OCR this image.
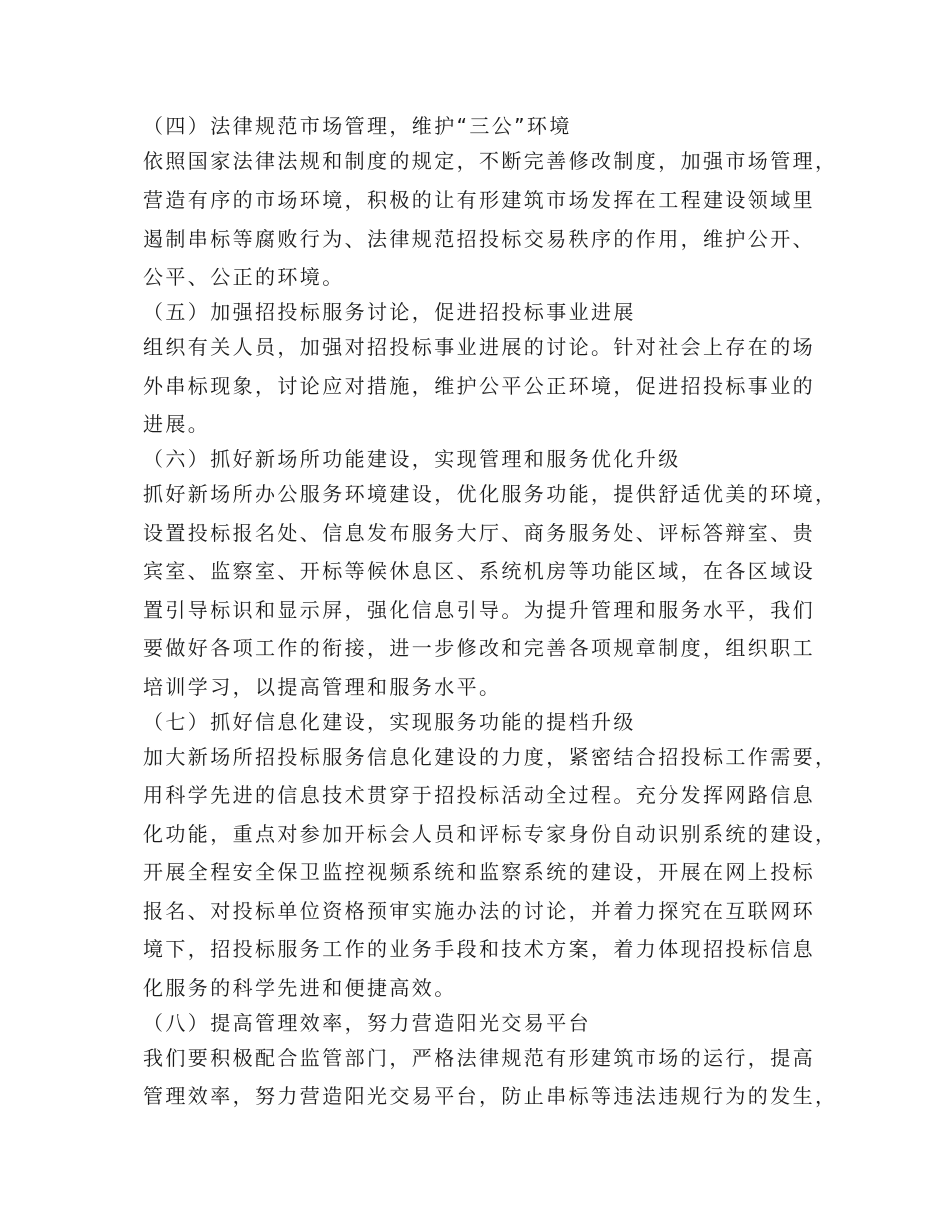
（四）法律规范市场管理，维护“三公”环境
依照国家法律法规和制度的规定，不断完善修改制度，加强市场管理，
营造有序的市场环境，积极的让有形建筑市场发挥在工程建设领域里
遏制串标等腐败行为、法律规范招投标交易秩序的作用，维护公开、
公平、公正的环境。
（五）加强招投标服务讨论，促进招投标事业进展
组织有关人员，加强对招投标事业进展的讨论。针对社会上存在的场
外串标现象，讨论应对措施，维护公平公正环境，促进招投标事业的
进展。
（六）抓好新场所功能建设，实现管理和服务优化升级
抓好新场所办公服务环境建设，优化服务功能，提供舒适优美的环境，
设置投标报名处、信息发布服务大厅、商务服务处、评标答辩室、贵
宾室、监察室、开标等候休息区、系统机房等功能区域，在各区域设
置引导标识和显示屏，强化信息引导。为提升管理和服务水平，我们
要做好各项工作的衔接，进一步修改和完善各项规章制度，组织职工
培训学习，以提高管理和服务水平。
（七）抓好信息化建设，实现服务功能的提档升级
加大新场所招投标服务信息化建设的力度，紧密结合招投标工作需要，
用科学先进的信息技术贯穿于招投标活动全过程。充分发挥网路信息
化功能，重点对参加开标会人员和评标专家身份自动识别系统的建设，
开展全程安全保卫监控视频系统和监察系统的建设，开展在网上投标
报名、对投标单位资格预审实施办法的讨论，并着力探究在互联网环
境下，招投标服务工作的业务手段和技术方案，着力体现招投标信息
化服务的科学先进和便捷高效。
（八）提高管理效率，努力营造阳光交易平台
我们要积极配合监管部门，严格法律规范有形建筑市场的运行，提高
管理效率，努力营造阳光交易平台，防止串标等违法违规行为的发生，
